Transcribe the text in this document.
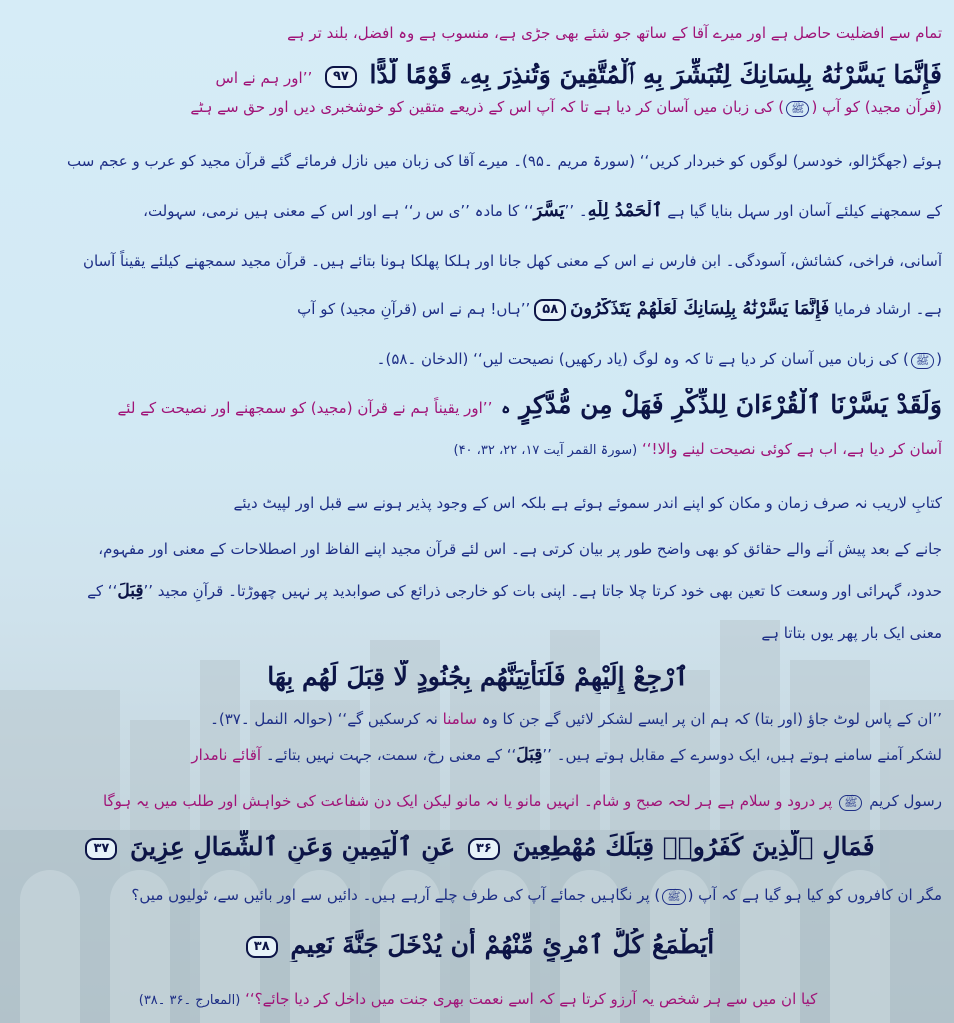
تمام سے افضلیت حاصل ہے اور میرے آقا کے ساتھ جو شئے بھی جڑی ہے، منسوب ہے وہ افضل، بلند تر ہے
فَإِنَّمَا يَسَّرْنَٰهُ بِلِسَانِكَ لِتُبَشِّرَ بِهِ ٱلْمُتَّقِينَ وَتُنذِرَ بِهِۦ قَوْمًا لُّدًّا ۹۷ ’’اور ہم نے اس
(قرآن مجید) کو آپ (ﷺ) کی زبان میں آسان کر دیا ہے تا کہ آپ اس کے ذریعے متقین کو خوشخبری دیں اور حق سے ہٹے
ہوئے (جھگڑالو، خودسر) لوگوں کو خبردار کریں‘‘ (سورۃ مریم ۔۹۵)۔ میرے آقا کی زبان میں نازل فرمائے گئے قرآن مجید کو عرب و عجم سب
کے سمجھنے کیلئے آسان اور سہل بنایا گیا ہے ٱلْحَمْدُ لِلَّٰهِ۔ ’’يَسَّرَ‘‘ کا مادہ ’’ی س ر‘‘ ہے اور اس کے معنی ہیں نرمی، سہولت،
آسانی، فراخی، کشائش، آسودگی۔ ابن فارس نے اس کے معنی کھل جانا اور ہلکا پھلکا ہونا بتائے ہیں۔ قرآن مجید سمجھنے کیلئے یقیناً آسان
ہے۔ ارشاد فرمایا فَإِنَّمَا يَسَّرْنَٰهُ بِلِسَانِكَ لَعَلَّهُمْ يَتَذَكَّرُونَ۵۸’’ہاں! ہم نے اس (قرآنِ مجید) کو آپ
(ﷺ) کی زبان میں آسان کر دیا ہے تا کہ وہ لوگ (یاد رکھیں) نصیحت لیں‘‘ (الدخان ۔۵۸)۔
وَلَقَدْ يَسَّرْنَا ٱلْقُرْءَانَ لِلذِّكْرِ فَهَلْ مِن مُّدَّكِرٍ ہ ’’اور یقیناً ہم نے قرآن (مجید) کو سمجھنے اور نصیحت کے لئے
آسان کر دیا ہے، اب ہے کوئی نصیحت لینے والا!‘‘ (سورۃ القمر آیت ۱۷، ۲۲، ۳۲، ۴۰)
کتابِ لاریب نہ صرف زمان و مکان کو اپنے اندر سموئے ہوئے ہے بلکہ اس کے وجود پذیر ہونے سے قبل اور لپیٹ دیئے
جانے کے بعد پیش آنے والے حقائق کو بھی واضح طور پر بیان کرتی ہے۔ اس لئے قرآن مجید اپنے الفاظ اور اصطلاحات کے معنی اور مفہوم،
حدود، گہرائی اور وسعت کا تعین بھی خود کرتا چلا جاتا ہے۔ اپنی بات کو خارجی ذرائع کی صوابدید پر نہیں چھوڑتا۔ قرآنِ مجید ’’قِبَلَ‘‘ کے
معنی ایک بار پھر یوں بتاتا ہے
ٱرْجِعْ إِلَيْهِمْ فَلَنَأْتِيَنَّهُم بِجُنُودٍ لَّا قِبَلَ لَهُم بِهَا
’’ان کے پاس لوٹ جاؤ (اور بتا) کہ ہم ان پر ایسے لشکر لائیں گے جن کا وہ سامنا نہ کرسکیں گے‘‘ (حوالہ النمل ۔۳۷)۔
لشکر آمنے سامنے ہوتے ہیں، ایک دوسرے کے مقابل ہوتے ہیں۔ ’’قِبَلَ‘‘ کے معنی رخ، سمت، جہت نہیں بتائے۔ آقائے نامدار
رسول کریم ﷺ پر درود و سلام ہے ہر لحہ صبح و شام۔ انہیں مانو یا نہ مانو لیکن ایک دن شفاعت کی خواہش اور طلب میں یہ ہوگا
فَمَالِ ٱلَّذِينَ كَفَرُوا۟ قِبَلَكَ مُهْطِعِينَ ۳۶ عَنِ ٱلْيَمِينِ وَعَنِ ٱلشِّمَالِ عِزِينَ ۳۷
مگر ان کافروں کو کیا ہو گیا ہے کہ آپ (ﷺ) پر نگاہیں جمائے آپ کی طرف چلے آرہے ہیں۔ دائیں سے اور بائیں سے، ٹولیوں میں؟
أَيَطْمَعُ كُلُّ ٱمْرِئٍ مِّنْهُمْ أَن يُدْخَلَ جَنَّةَ نَعِيمٍ ۳۸
کیا ان میں سے ہر شخص یہ آرزو کرتا ہے کہ اسے نعمت بھری جنت میں داخل کر دیا جائے؟‘‘ (المعارج ۔۳۶ ۔۳۸)
